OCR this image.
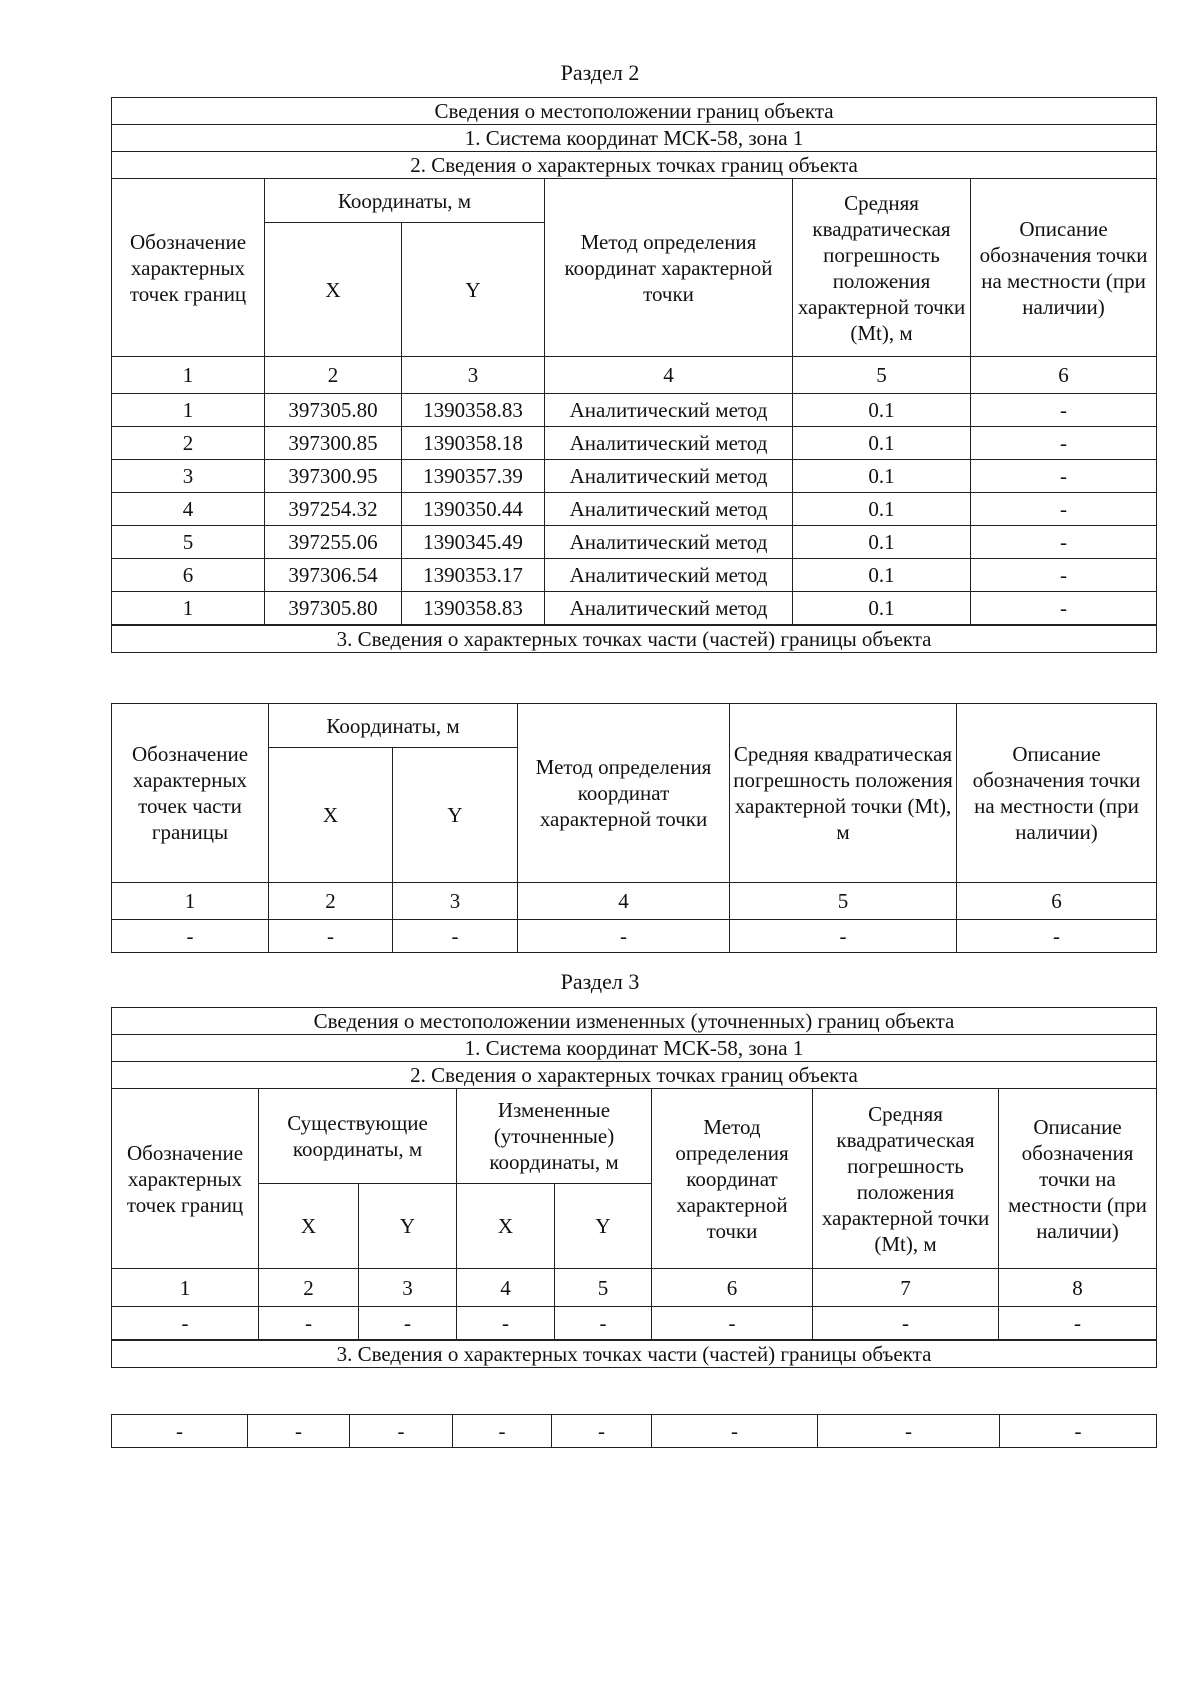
Раздел 2
Сведения о местоположении границ объекта					
1. Система координат МСК-58, зона 1					
2. Сведения о характерных точках границ объекта					
Обозначение характерных точек границ	Координаты, м		Метод определения координат характерной точки	Средняя квадратическая погрешность положения характерной точки (Mt), м	Описание обозначения точки на местности (при наличии)
	X	Y			
1	2	3	4	5	6
1	397305.80	1390358.83	Аналитический метод	0.1	-
2	397300.85	1390358.18	Аналитический метод	0.1	-
3	397300.95	1390357.39	Аналитический метод	0.1	-
4	397254.32	1390350.44	Аналитический метод	0.1	-
5	397255.06	1390345.49	Аналитический метод	0.1	-
6	397306.54	1390353.17	Аналитический метод	0.1	-
1	397305.80	1390358.83	Аналитический метод	0.1	-
3. Сведения о характерных точках части (частей) границы объекта					
Обозначение характерных точек части границы	Координаты, м		Метод определения координат характерной точки	Средняя квадратическая погрешность положения характерной точки (Mt), м	Описание обозначения точки на местности (при наличии)
	X	Y			
1	2	3	4	5	6
-	-	-	-	-	-
Раздел 3
Сведения о местоположении измененных (уточненных) границ объекта							
1. Система координат МСК-58, зона 1							
2. Сведения о характерных точках границ объекта							
Обозначение характерных точек границ	Существующие координаты, м		Измененные (уточненные) координаты, м		Метод определения координат характерной точки	Средняя квадратическая погрешность положения характерной точки (Mt), м	Описание обозначения точки на местности (при наличии)
	X	Y	X	Y			
1	2	3	4	5	6	7	8
-	-	-	-	-	-	-	-
3. Сведения о характерных точках части (частей) границы объекта							
-	-	-	-	-	-	-	-
